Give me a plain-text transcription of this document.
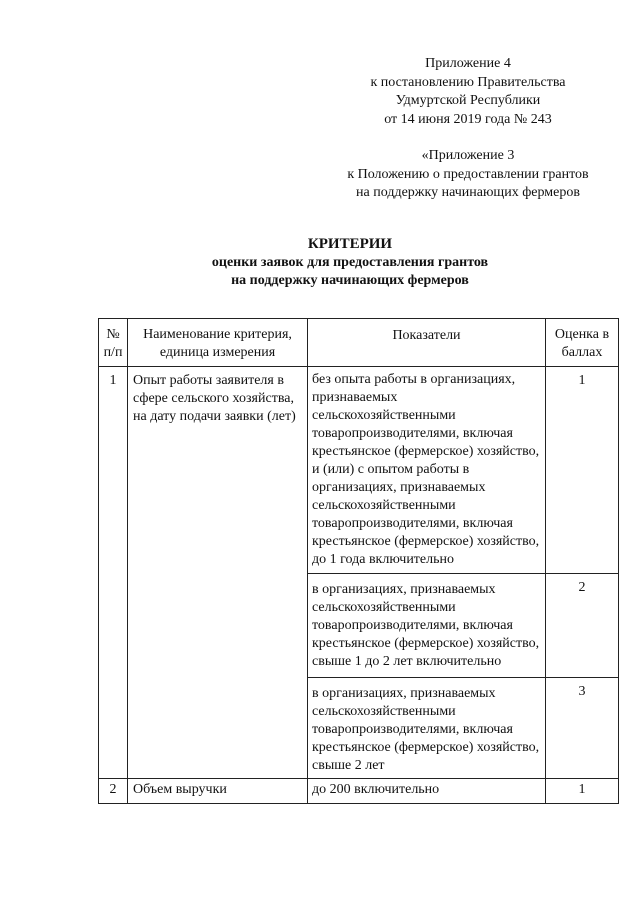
Приложение 4
к постановлению Правительства
Удмуртской Республики
от 14 июня 2019 года № 243
«Приложение 3
к Положению о предоставлении грантов
на поддержку начинающих фермеров
КРИТЕРИИ
оценки заявок для предоставления грантов
на поддержку начинающих фермеров
№ п/п	Наименование критерия, единица измерения	Показатели	Оценка в баллах

1	Опыт работы заявителя в сфере сельского хозяйства, на дату подачи заявки (лет)	без опыта работы в организациях, признаваемых сельскохозяйственными товаропроизводителями, включая крестьянское (фермерское) хозяйство, и (или) с опытом работы в организациях, признаваемых сельскохозяйственными товаропроизводителями, включая крестьянское (фермерское) хозяйство, до 1 года включительно	1

		в организациях, признаваемых сельскохозяйственными товаропроизводителями, включая крестьянское (фермерское) хозяйство, свыше 1 до 2 лет включительно	2

		в организациях, признаваемых сельскохозяйственными товаропроизводителями, включая крестьянское (фермерское) хозяйство, свыше 2 лет	3

2	Объем выручки	до 200 включительно	1
